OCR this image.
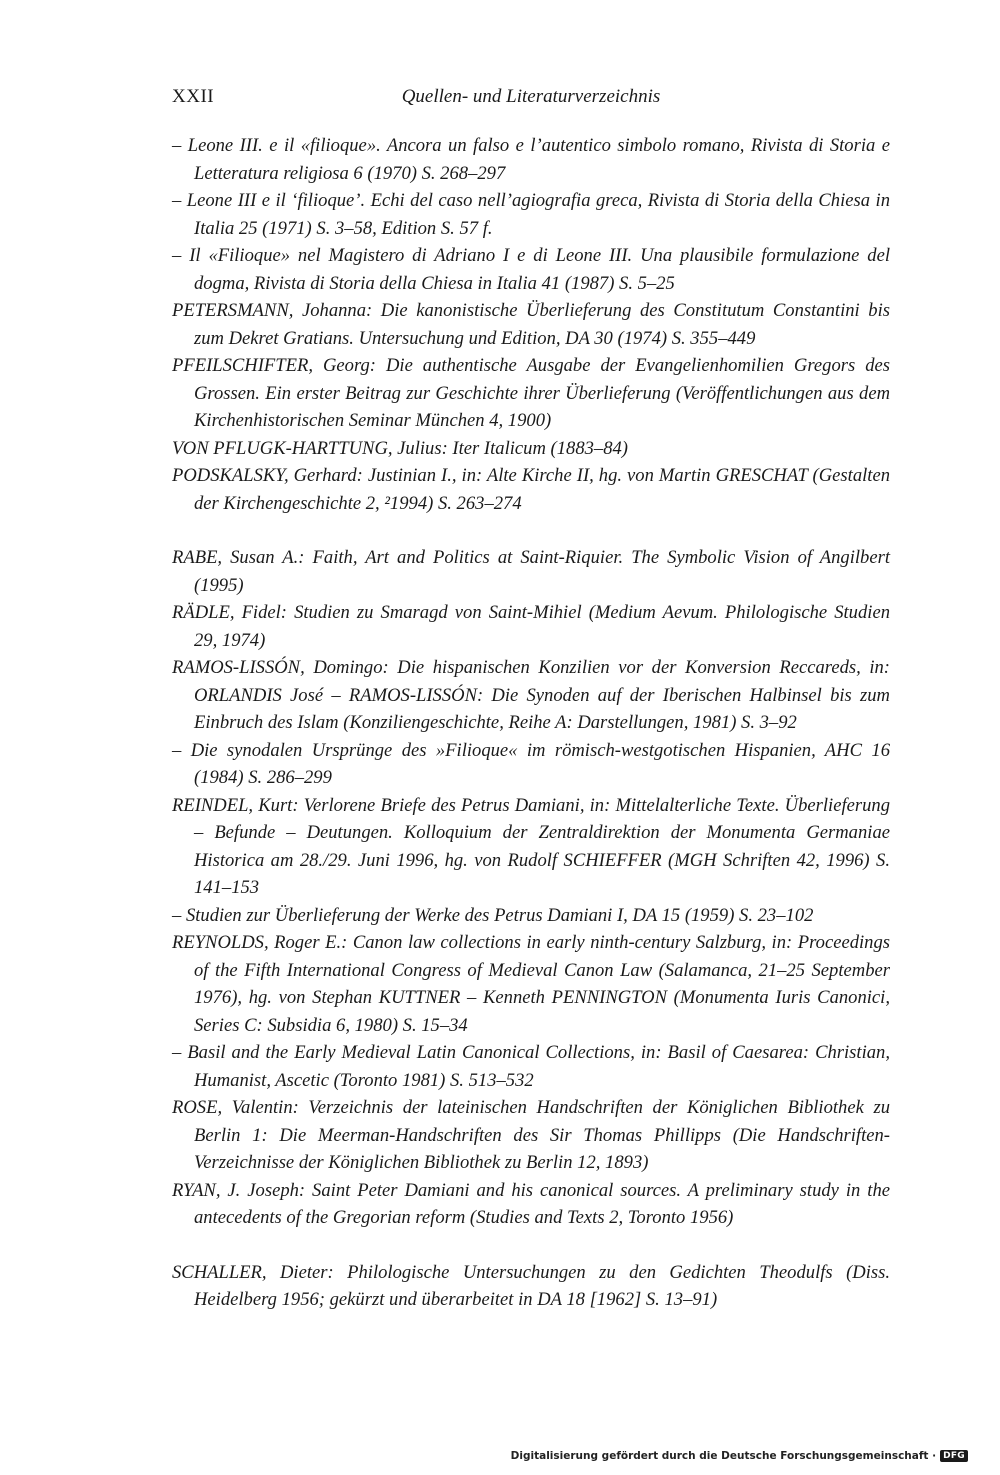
XXII	Quellen- und Literaturverzeichnis
– Leone III. e il «filioque». Ancora un falso e l’autentico simbolo romano, Rivista di Storia e Letteratura religiosa 6 (1970) S. 268–297
– Leone III e il ‘filioque’. Echi del caso nell’agiografia greca, Rivista di Storia della Chiesa in Italia 25 (1971) S. 3–58, Edition S. 57 f.
– Il «Filioque» nel Magistero di Adriano I e di Leone III. Una plausibile formulazione del dogma, Rivista di Storia della Chiesa in Italia 41 (1987) S. 5–25
PETERSMANN, Johanna: Die kanonistische Überlieferung des Constitutum Constantini bis zum Dekret Gratians. Untersuchung und Edition, DA 30 (1974) S. 355–449
PFEILSCHIFTER, Georg: Die authentische Ausgabe der Evangelienhomilien Gregors des Grossen. Ein erster Beitrag zur Geschichte ihrer Überlieferung (Veröffentlichungen aus dem Kirchenhistorischen Seminar München 4, 1900)
VON PFLUGK-HARTTUNG, Julius: Iter Italicum (1883–84)
PODSKALSKY, Gerhard: Justinian I., in: Alte Kirche II, hg. von Martin GRESCHAT (Gestalten der Kirchengeschichte 2, ²1994) S. 263–274
RABE, Susan A.: Faith, Art and Politics at Saint-Riquier. The Symbolic Vision of Angilbert (1995)
RÄDLE, Fidel: Studien zu Smaragd von Saint-Mihiel (Medium Aevum. Philologische Studien 29, 1974)
RAMOS-LISSÓN, Domingo: Die hispanischen Konzilien vor der Konversion Reccareds, in: ORLANDIS José – RAMOS-LISSÓN: Die Synoden auf der Iberischen Halbinsel bis zum Einbruch des Islam (Konziliengeschichte, Reihe A: Darstellungen, 1981) S. 3–92
– Die synodalen Ursprünge des »Filioque« im römisch-westgotischen Hispanien, AHC 16 (1984) S. 286–299
REINDEL, Kurt: Verlorene Briefe des Petrus Damiani, in: Mittelalterliche Texte. Überlieferung – Befunde – Deutungen. Kolloquium der Zentraldirektion der Monumenta Germaniae Historica am 28./29. Juni 1996, hg. von Rudolf SCHIEFFER (MGH Schriften 42, 1996) S. 141–153
– Studien zur Überlieferung der Werke des Petrus Damiani I, DA 15 (1959) S. 23–102
REYNOLDS, Roger E.: Canon law collections in early ninth-century Salzburg, in: Proceedings of the Fifth International Congress of Medieval Canon Law (Salamanca, 21–25 September 1976), hg. von Stephan KUTTNER – Kenneth PENNINGTON (Monumenta Iuris Canonici, Series C: Subsidia 6, 1980) S. 15–34
– Basil and the Early Medieval Latin Canonical Collections, in: Basil of Caesarea: Christian, Humanist, Ascetic (Toronto 1981) S. 513–532
ROSE, Valentin: Verzeichnis der lateinischen Handschriften der Königlichen Bibliothek zu Berlin 1: Die Meerman-Handschriften des Sir Thomas Phillipps (Die Handschriften-Verzeichnisse der Königlichen Bibliothek zu Berlin 12, 1893)
RYAN, J. Joseph: Saint Peter Damiani and his canonical sources. A preliminary study in the antecedents of the Gregorian reform (Studies and Texts 2, Toronto 1956)
SCHALLER, Dieter: Philologische Untersuchungen zu den Gedichten Theodulfs (Diss. Heidelberg 1956; gekürzt und überarbeitet in DA 18 [1962] S. 13–91)
Digitalisierung gefördert durch die Deutsche Forschungsgemeinschaft · DFG
